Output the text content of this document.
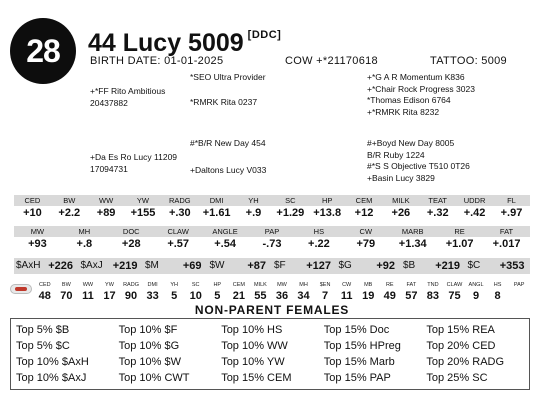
28 44 Lucy 5009 [DDC]
BIRTH DATE: 01-01-2025	COW +*21170618	TATTOO: 5009
*SEO Ultra Provider
+*FF Rito Ambitious
20437882	*RMRK Rita 0237
#*B/R New Day 454
+Da Es Ro Lucy 11209
17094731	+Daltons Lucy V033
+*G A R Momentum K836
+*Chair Rock Progress 3023
*Thomas Edison 6764
+*RMRK Rita 8232
#+Boyd New Day 8005
B/R Ruby 1224
#*S S Objective T510 0T26
+Basin Lucy 3829
CED	BW	WW	YW	RADG	DMI	YH	SC	HP	CEM	MILK	TEAT	UDDR	FL
+10	+2.2	+89	+155	+.30	+1.61	+.9	+1.29	+13.8	+12	+26	+.32	+.42	+.97
MW	MH	DOC	CLAW	ANGLE	PAP	HS	CW	MARB	RE	FAT
+93	+.8	+28	+.57	+.54	-.73	+.22	+79	+1.34	+1.07	+.017
$AxH	+226	$AxJ	+219	$M	+69	$W	+87	$F	+127	$G	+92	$B	+219	$C	+353
CED	BW	WW	YW	RADG	DMI	YH	SC	HP	CEM	MILK	MW	MH	$EN	CW	MB	RE	FAT	TND	CLAW	ANGL	HS	PAP
48	70	11	17	90	33	5	10	5	21	55	36	34	7	11	19	49	57	83	75	9	8	
NON-PARENT FEMALES
Top 5% $B	Top 10% $F	Top 10% HS	Top 15% Doc	Top 15% REA
Top 5% $C	Top 10% $G	Top 10% WW	Top 15% HPreg	Top 20% CED
Top 10% $AxH	Top 10% $W	Top 10% YW	Top 15% Marb	Top 20% RADG
Top 10% $AxJ	Top 10% CWT	Top 15% CEM	Top 15% PAP	Top 25% SC
